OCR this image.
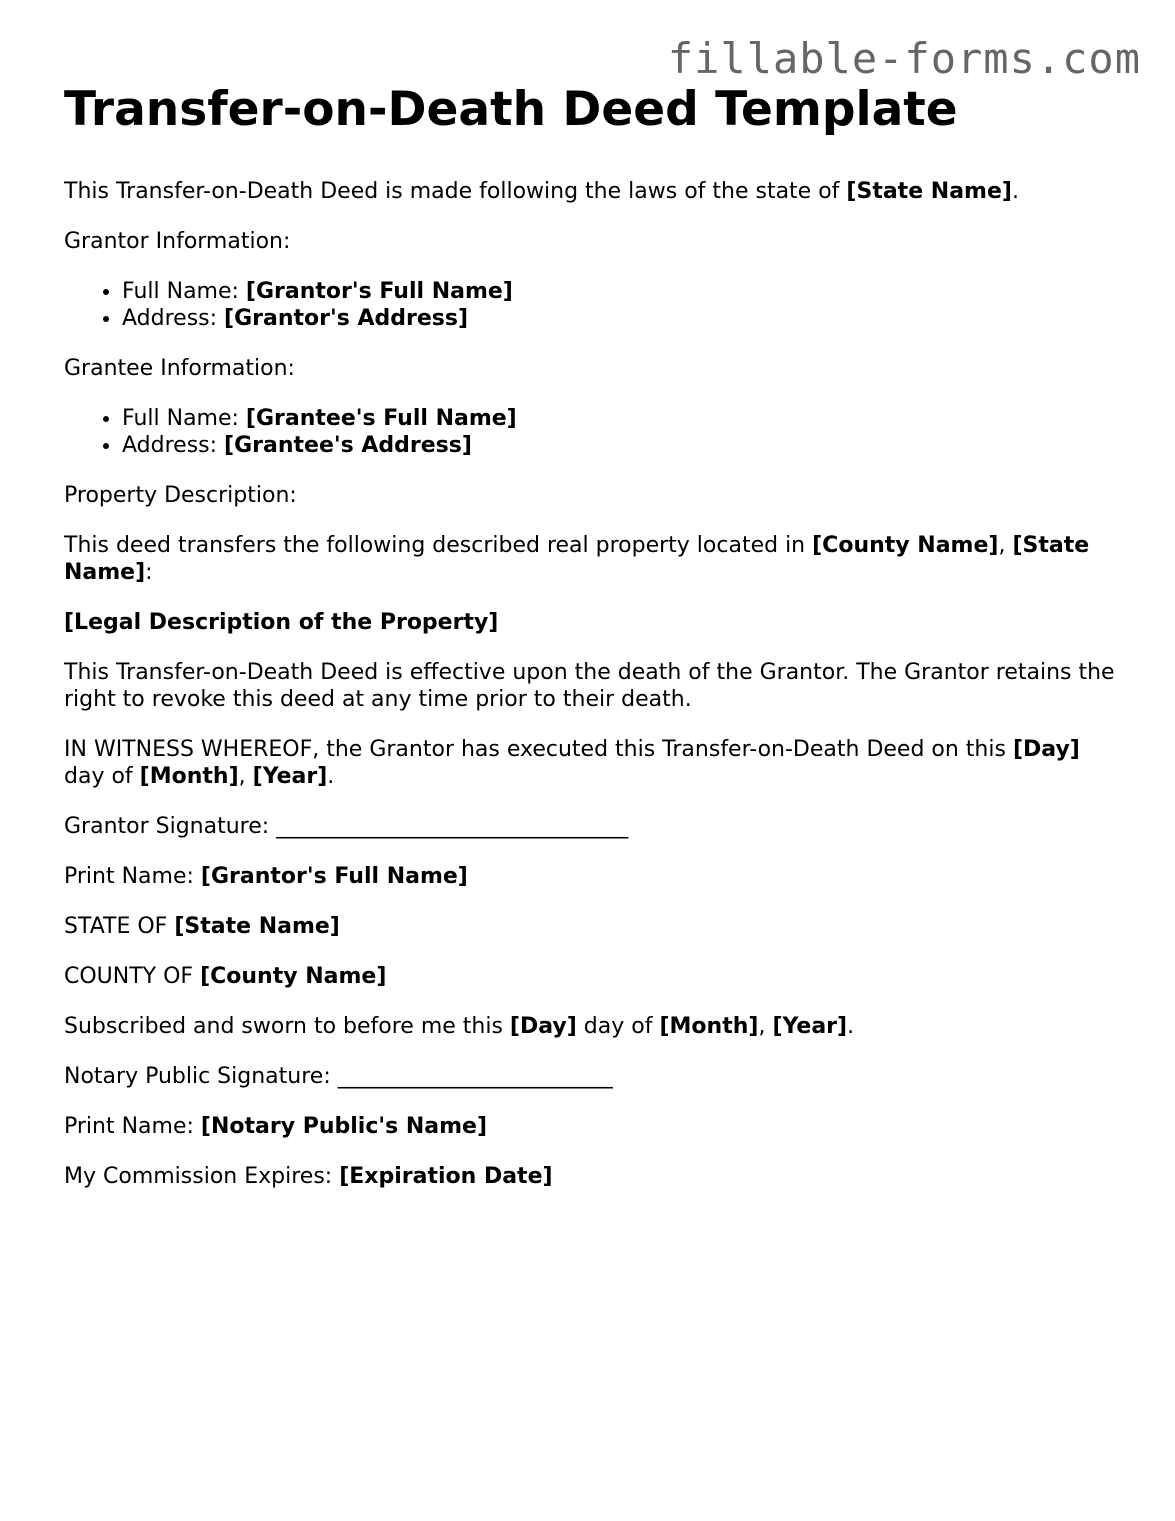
fillable-forms.com
Transfer-on-Death Deed Template

This Transfer-on-Death Deed is made following the laws of the state of [State Name].

Grantor Information:

• Full Name: [Grantor's Full Name]
• Address: [Grantor's Address]

Grantee Information:

• Full Name: [Grantee's Full Name]
• Address: [Grantee's Address]

Property Description:

This deed transfers the following described real property located in [County Name], [State Name]:

[Legal Description of the Property]

This Transfer-on-Death Deed is effective upon the death of the Grantor. The Grantor retains the right to revoke this deed at any time prior to their death.

IN WITNESS WHEREOF, the Grantor has executed this Transfer-on-Death Deed on this [Day] day of [Month], [Year].

Grantor Signature: ________________________________

Print Name: [Grantor's Full Name]

STATE OF [State Name]

COUNTY OF [County Name]

Subscribed and sworn to before me this [Day] day of [Month], [Year].

Notary Public Signature: _________________________

Print Name: [Notary Public's Name]

My Commission Expires: [Expiration Date]
